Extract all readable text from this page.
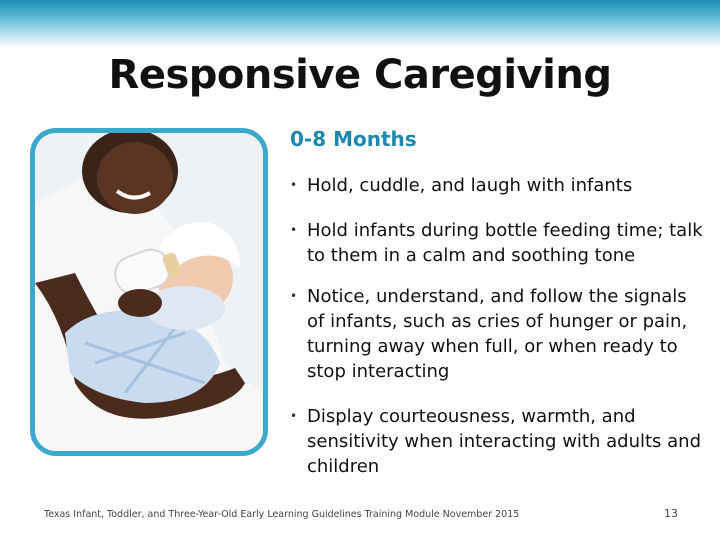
Responsive Caregiving
0-8 Months
• Hold, cuddle, and laugh with infants
• Hold infants during bottle feeding time; talk to them in a calm and soothing tone
• Notice, understand, and follow the signals of infants, such as cries of hunger or pain, turning away when full, or when ready to stop interacting
• Display courteousness, warmth, and sensitivity when interacting with adults and children
Texas Infant, Toddler, and Three-Year-Old Early Learning Guidelines Training Module November 2015	13
